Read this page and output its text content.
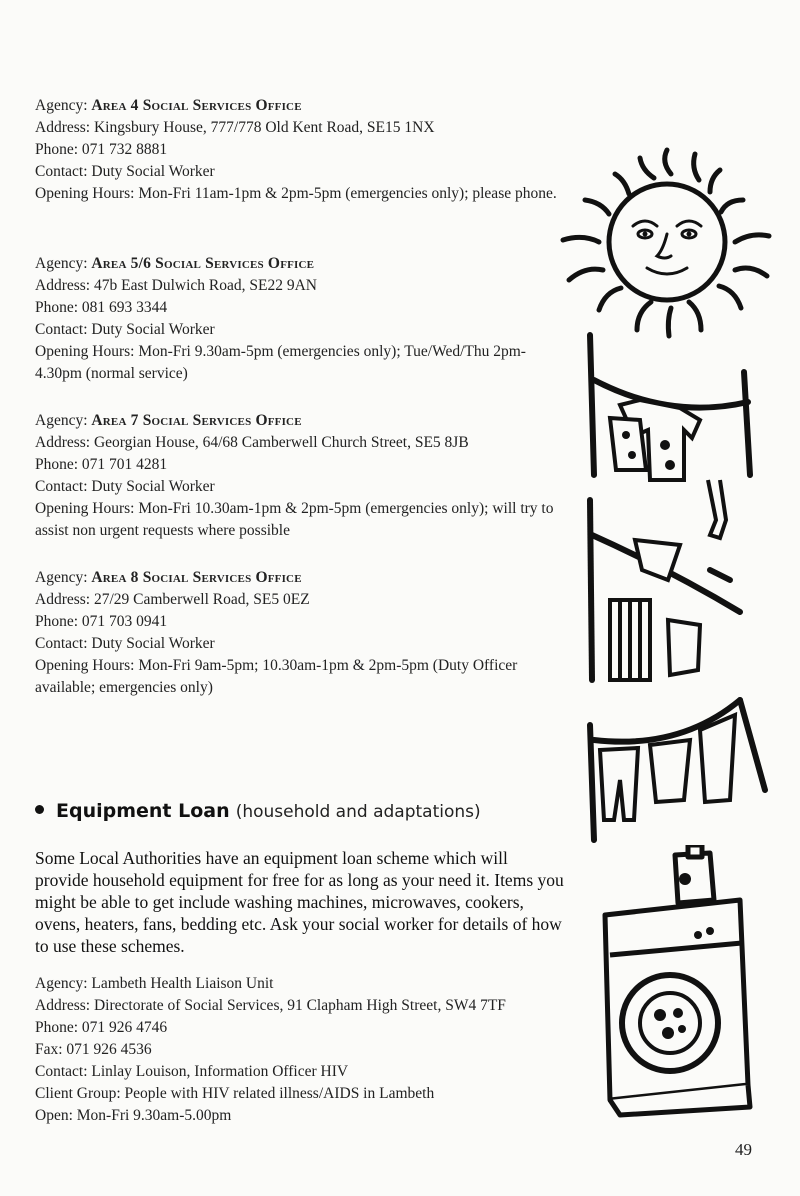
Agency: Area 4 Social Services Office

Address: Kingsbury House, 777/778 Old Kent Road, SE15 1NX

Phone: 071 732 8881

Contact: Duty Social Worker

Opening Hours: Mon-Fri 11am-1pm & 2pm-5pm (emergencies only); please phone.

Agency: Area 5/6 Social Services Office

Address: 47b East Dulwich Road, SE22 9AN

Phone: 081 693 3344

Contact: Duty Social Worker

Opening Hours: Mon-Fri 9.30am-5pm (emergencies only); Tue/Wed/Thu 2pm-4.30pm (normal service)

Agency: Area 7 Social Services Office

Address: Georgian House, 64/68 Camberwell Church Street, SE5 8JB

Phone: 071 701 4281

Contact: Duty Social Worker

Opening Hours: Mon-Fri 10.30am-1pm & 2pm-5pm (emergencies only); will try to assist non urgent requests where possible

Agency: Area 8 Social Services Office

Address: 27/29 Camberwell Road, SE5 0EZ

Phone: 071 703 0941

Contact: Duty Social Worker

Opening Hours: Mon-Fri 9am-5pm; 10.30am-1pm & 2pm-5pm (Duty Officer available; emergencies only)

Equipment Loan (household and adaptations)
Some Local Authorities have an equipment loan scheme which will provide household equipment for free for as long as your need it. Items you might be able to get include washing machines, microwaves, cookers, ovens, heaters, fans, bedding etc. Ask your social worker for details of how to use these schemes.

Agency: Lambeth Health Liaison Unit

Address: Directorate of Social Services, 91 Clapham High Street, SW4 7TF

Phone: 071 926 4746

Fax: 071 926 4536

Contact: Linlay Louison, Information Officer HIV

Client Group: People with HIV related illness/AIDS in Lambeth

Open: Mon-Fri 9.30am-5.00pm

49
